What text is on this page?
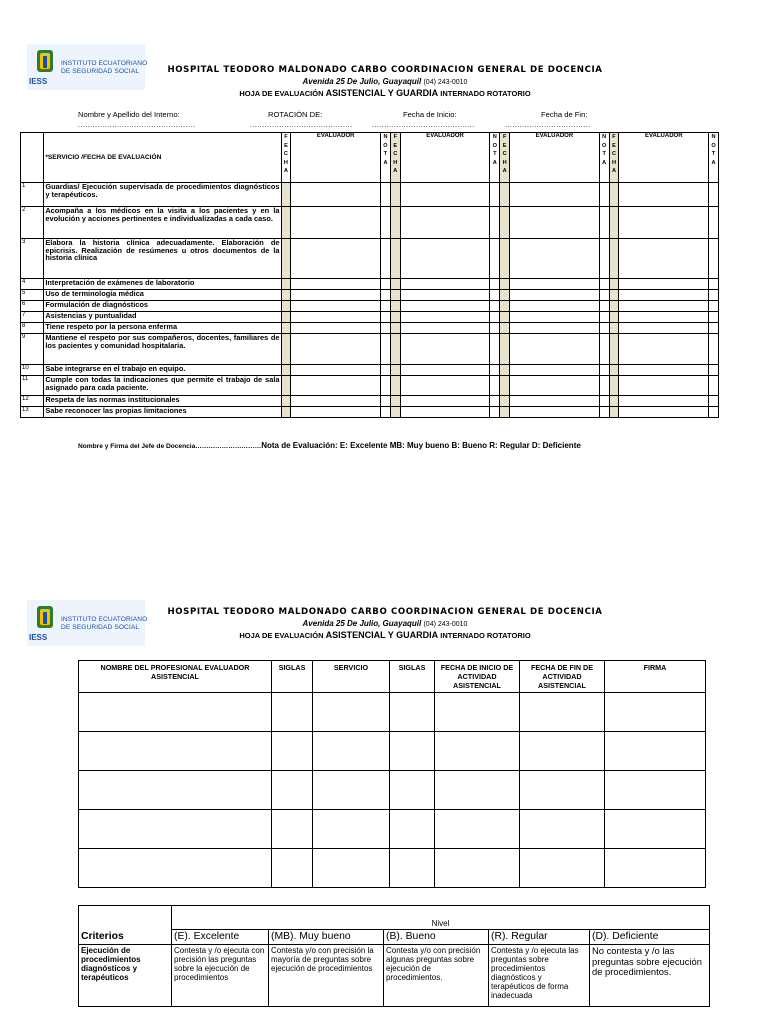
INSTITUTO ECUATORIANO
DE SEGURIDAD SOCIAL
IESS
HOSPITAL TEODORO MALDONADO CARBO COORDINACION GENERAL DE DOCENCIA
Avenida 25 De Julio, Guayaquil (04) 243-0010
HOJA DE EVALUACIÓN ASISTENCIAL Y GUARDIA INTERNADO ROTATORIO
Nombre y Apellido del Interno:	ROTACIÓN DE:	Fecha de Inicio:	Fecha de Fin:
................................................	..........................................	..........................................	...................................
	*SERVICIO /FECHA DE EVALUACIÓN	F
E
C
H
A	EVALUADOR	N
O
T
A	F
E
C
H
A	EVALUADOR	N
O
T
A	F
E
C
H
A	EVALUADOR	N
O
T
A	F
E
C
H
A	EVALUADOR	N
O
T
A
1	Guardias/ Ejecución supervisada de procedimientos diagnósticos y terapéuticos.												
2	Acompaña a los médicos en la visita a los pacientes y en la evolución y acciones pertinentes e individualizadas a cada caso.												
3	Elabora la historia clínica adecuadamente. Elaboración de epicrisis. Realización de resúmenes u otros documentos de la historia clínica												
4	Interpretación de exámenes de laboratorio												
5	Uso de terminología médica												
6	Formulación de diagnósticos												
7	Asistencias y puntualidad												
8	Tiene respeto por la persona enferma												
9	Mantiene el respeto por sus compañeros, docentes, familiares de los pacientes y comunidad hospitalaria.												
10	Sabe integrarse en el trabajo en equipo.												
11	Cumple con todas la indicaciones que permite el trabajo de sala asignado para cada paciente.												
12	Respeta de las normas institucionales												
13	Sabe reconocer las propias limitaciones												
Nombre y Firma del Jefe de Docencia…………………………Nota de Evaluación: E: Excelente MB: Muy bueno B: Bueno R: Regular D: Deficiente
INSTITUTO ECUATORIANO
DE SEGURIDAD SOCIAL
IESS
HOSPITAL TEODORO MALDONADO CARBO COORDINACION GENERAL DE DOCENCIA
Avenida 25 De Julio, Guayaquil (04) 243-0010
HOJA DE EVALUACIÓN ASISTENCIAL Y GUARDIA INTERNADO ROTATORIO
NOMBRE DEL PROFESIONAL EVALUADOR ASISTENCIAL	SIGLAS	SERVICIO	SIGLAS	FECHA DE INICIO DE ACTIVIDAD ASISTENCIAL	FECHA DE FIN DE ACTIVIDAD ASISTENCIAL	FIRMA

	Nivel				
Criterios	(E). Excelente	(MB). Muy bueno	(B). Bueno	(R). Regular	(D). Deficiente
Ejecución de procedimientos diagnósticos y terapéuticos	Contesta y /o ejecuta con precisión las preguntas sobre la ejecución de procedimientos	Contesta y/o con precisión la mayoría de preguntas sobre ejecución de procedimientos	Contesta y/o con precisión algunas preguntas sobre ejecución de procedimientos.	Contesta y /o ejecuta las preguntas sobre procedimientos diagnósticos y terapéuticos de forma inadecuada	No contesta y /o las preguntas sobre ejecución de procedimientos.
